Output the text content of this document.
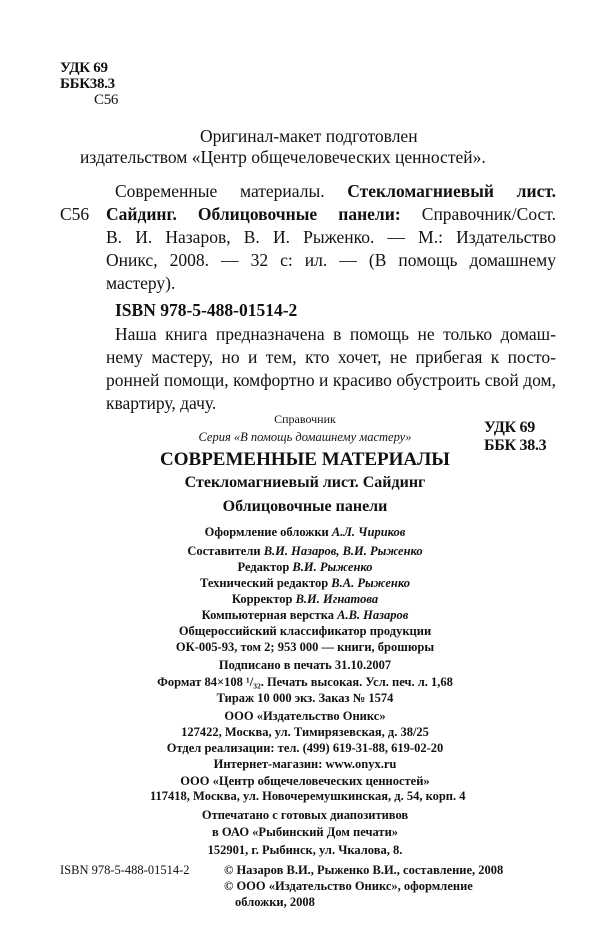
УДК 69
ББК38.3
С56
Оригинал-макет подготовлен
издательством «Центр общечеловеческих ценностей».
Современные материалы. Стекломагниевый лист.
С56 Сайдинг. Облицовочные панели: Справочник/Сост.
В. И. Назаров, В. И. Рыженко. — М.: Издательство
Оникс, 2008. — 32 с: ил. — (В помощь домашнему
мастеру).
ISBN 978-5-488-01514-2
Наша книга предназначена в помощь не только домаш-
нему мастеру, но и тем, кто хочет, не прибегая к посто-
ронней помощи, комфортно и красиво обустроить свой дом,
квартиру, дачу.
УДК 69
ББК 38.3
Справочник
Серия «В помощь домашнему мастеру»
СОВРЕМЕННЫЕ МАТЕРИАЛЫ
Стекломагниевый лист. Сайдинг
Облицовочные панели
Оформление обложки А.Л. Чириков
Составители В.И. Назаров, В.И. Рыженко
Редактор В.И. Рыженко
Технический редактор В.А. Рыженко
Корректор В.И. Игнатова
Компьютерная верстка А.В. Назаров
Общероссийский классификатор продукции
ОК-005-93, том 2; 953 000 — книги, брошюры
Подписано в печать 31.10.2007
Формат 84×108 ¹/₃₂. Печать высокая. Усл. печ. л. 1,68
Тираж 10 000 экз. Заказ № 1574
ООО «Издательство Оникс»
127422, Москва, ул. Тимирязевская, д. 38/25
Отдел реализации: тел. (499) 619-31-88, 619-02-20
Интернет-магазин: www.onyx.ru
ООО «Центр общечеловеческих ценностей»
117418, Москва, ул. Новочеремушкинская, д. 54, корп. 4
Отпечатано с готовых диапозитивов
в ОАО «Рыбинский Дом печати»
152901, г. Рыбинск, ул. Чкалова, 8.
ISBN 978-5-488-01514-2	© Назаров В.И., Рыженко В.И., составление, 2008
© ООО «Издательство Оникс», оформление
обложки, 2008
